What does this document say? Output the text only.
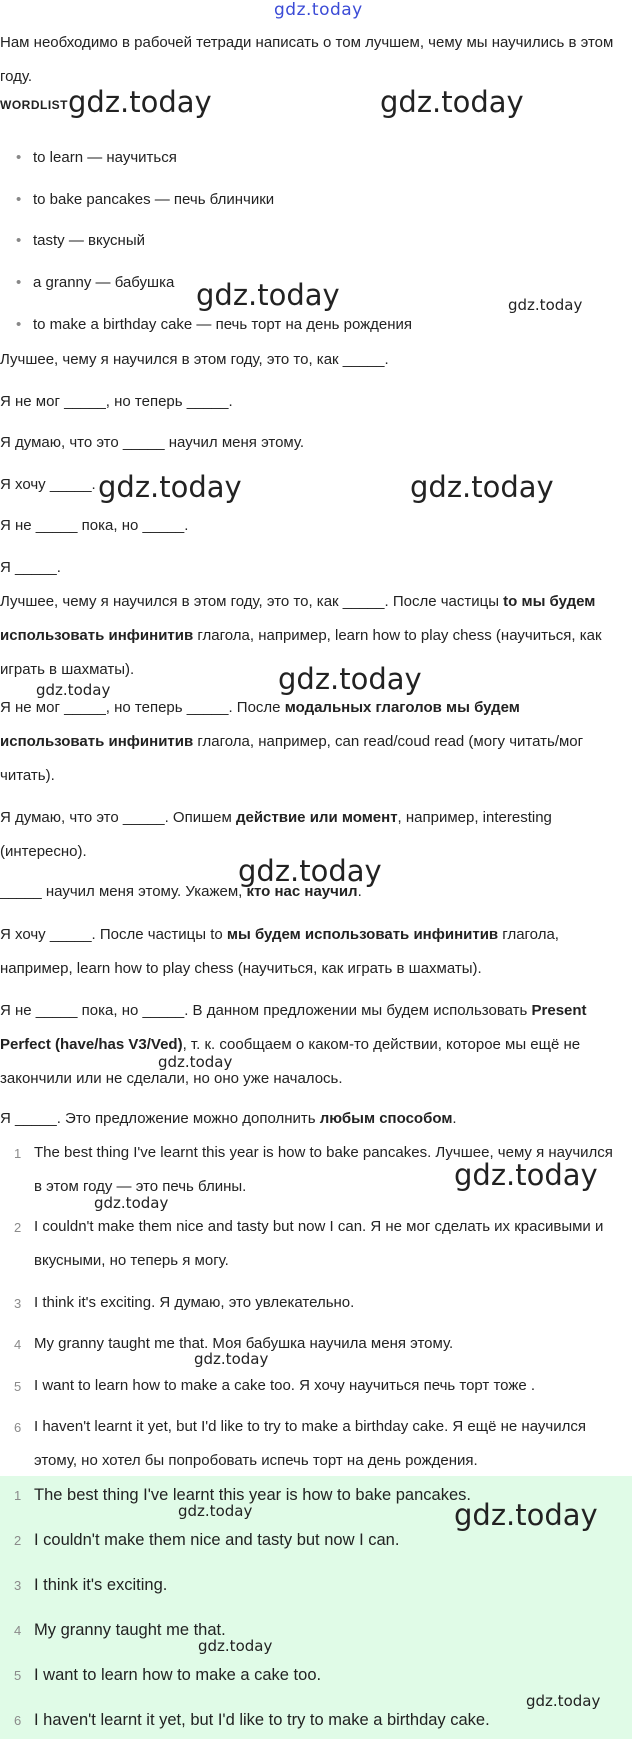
gdz.today

Нам необходимо в рабочей тетради написать о том лучшем, чему мы научились в этом году.

WORDLIST
• to learn — научиться
• to bake pancakes — печь блинчики
• tasty — вкусный
• a granny — бабушка
• to make a birthday cake — печь торт на день рождения

Лучшее, чему я научился в этом году, это то, как _____.

Я не мог _____, но теперь _____.

Я думаю, что это _____ научил меня этому.

Я хочу _____.

Я не _____ пока, но _____.

Я _____.

Лучшее, чему я научился в этом году, это то, как _____. После частицы to мы будем использовать инфинитив глагола, например, learn how to play chess (научиться, как играть в шахматы).

Я не мог _____, но теперь _____. После модальных глаголов мы будем использовать инфинитив глагола, например, can read/coud read (могу читать/мог читать).

Я думаю, что это _____. Опишем действие или момент, например, interesting (интересно).

_____ научил меня этому. Укажем, кто нас научил.

Я хочу _____. После частицы to мы будем использовать инфинитив глагола, например, learn how to play chess (научиться, как играть в шахматы).

Я не _____ пока, но _____. В данном предложении мы будем использовать Present Perfect (have/has V3/Ved), т. к. сообщаем о каком-то действии, которое мы ещё не закончили или не сделали, но оно уже началось.

Я _____. Это предложение можно дополнить любым способом.

1 The best thing I've learnt this year is how to bake pancakes. Лучшее, чему я научился в этом году — это печь блины.
2 I couldn't make them nice and tasty but now I can. Я не мог сделать их красивыми и вкусными, но теперь я могу.
3 I think it's exciting. Я думаю, это увлекательно.
4 My granny taught me that. Моя бабушка научила меня этому.
5 I want to learn how to make a cake too. Я хочу научиться печь торт тоже .
6 I haven't learnt it yet, but I'd like to try to make a birthday cake. Я ещё не научился этому, но хотел бы попробовать испечь торт на день рождения.
1 The best thing I've learnt this year is how to bake pancakes.
2 I couldn't make them nice and tasty but now I can.
3 I think it's exciting.
4 My granny taught me that.
5 I want to learn how to make a cake too.
6 I haven't learnt it yet, but I'd like to try to make a birthday cake.
gdz.today	gdz.today
gdz.today	gdz.today
gdz.today	gdz.today
gdz.today
gdz.today
gdz.today
gdz.today
gdz.today
gdz.today
gdz.today
gdz.today	gdz.today
gdz.today
gdz.today
